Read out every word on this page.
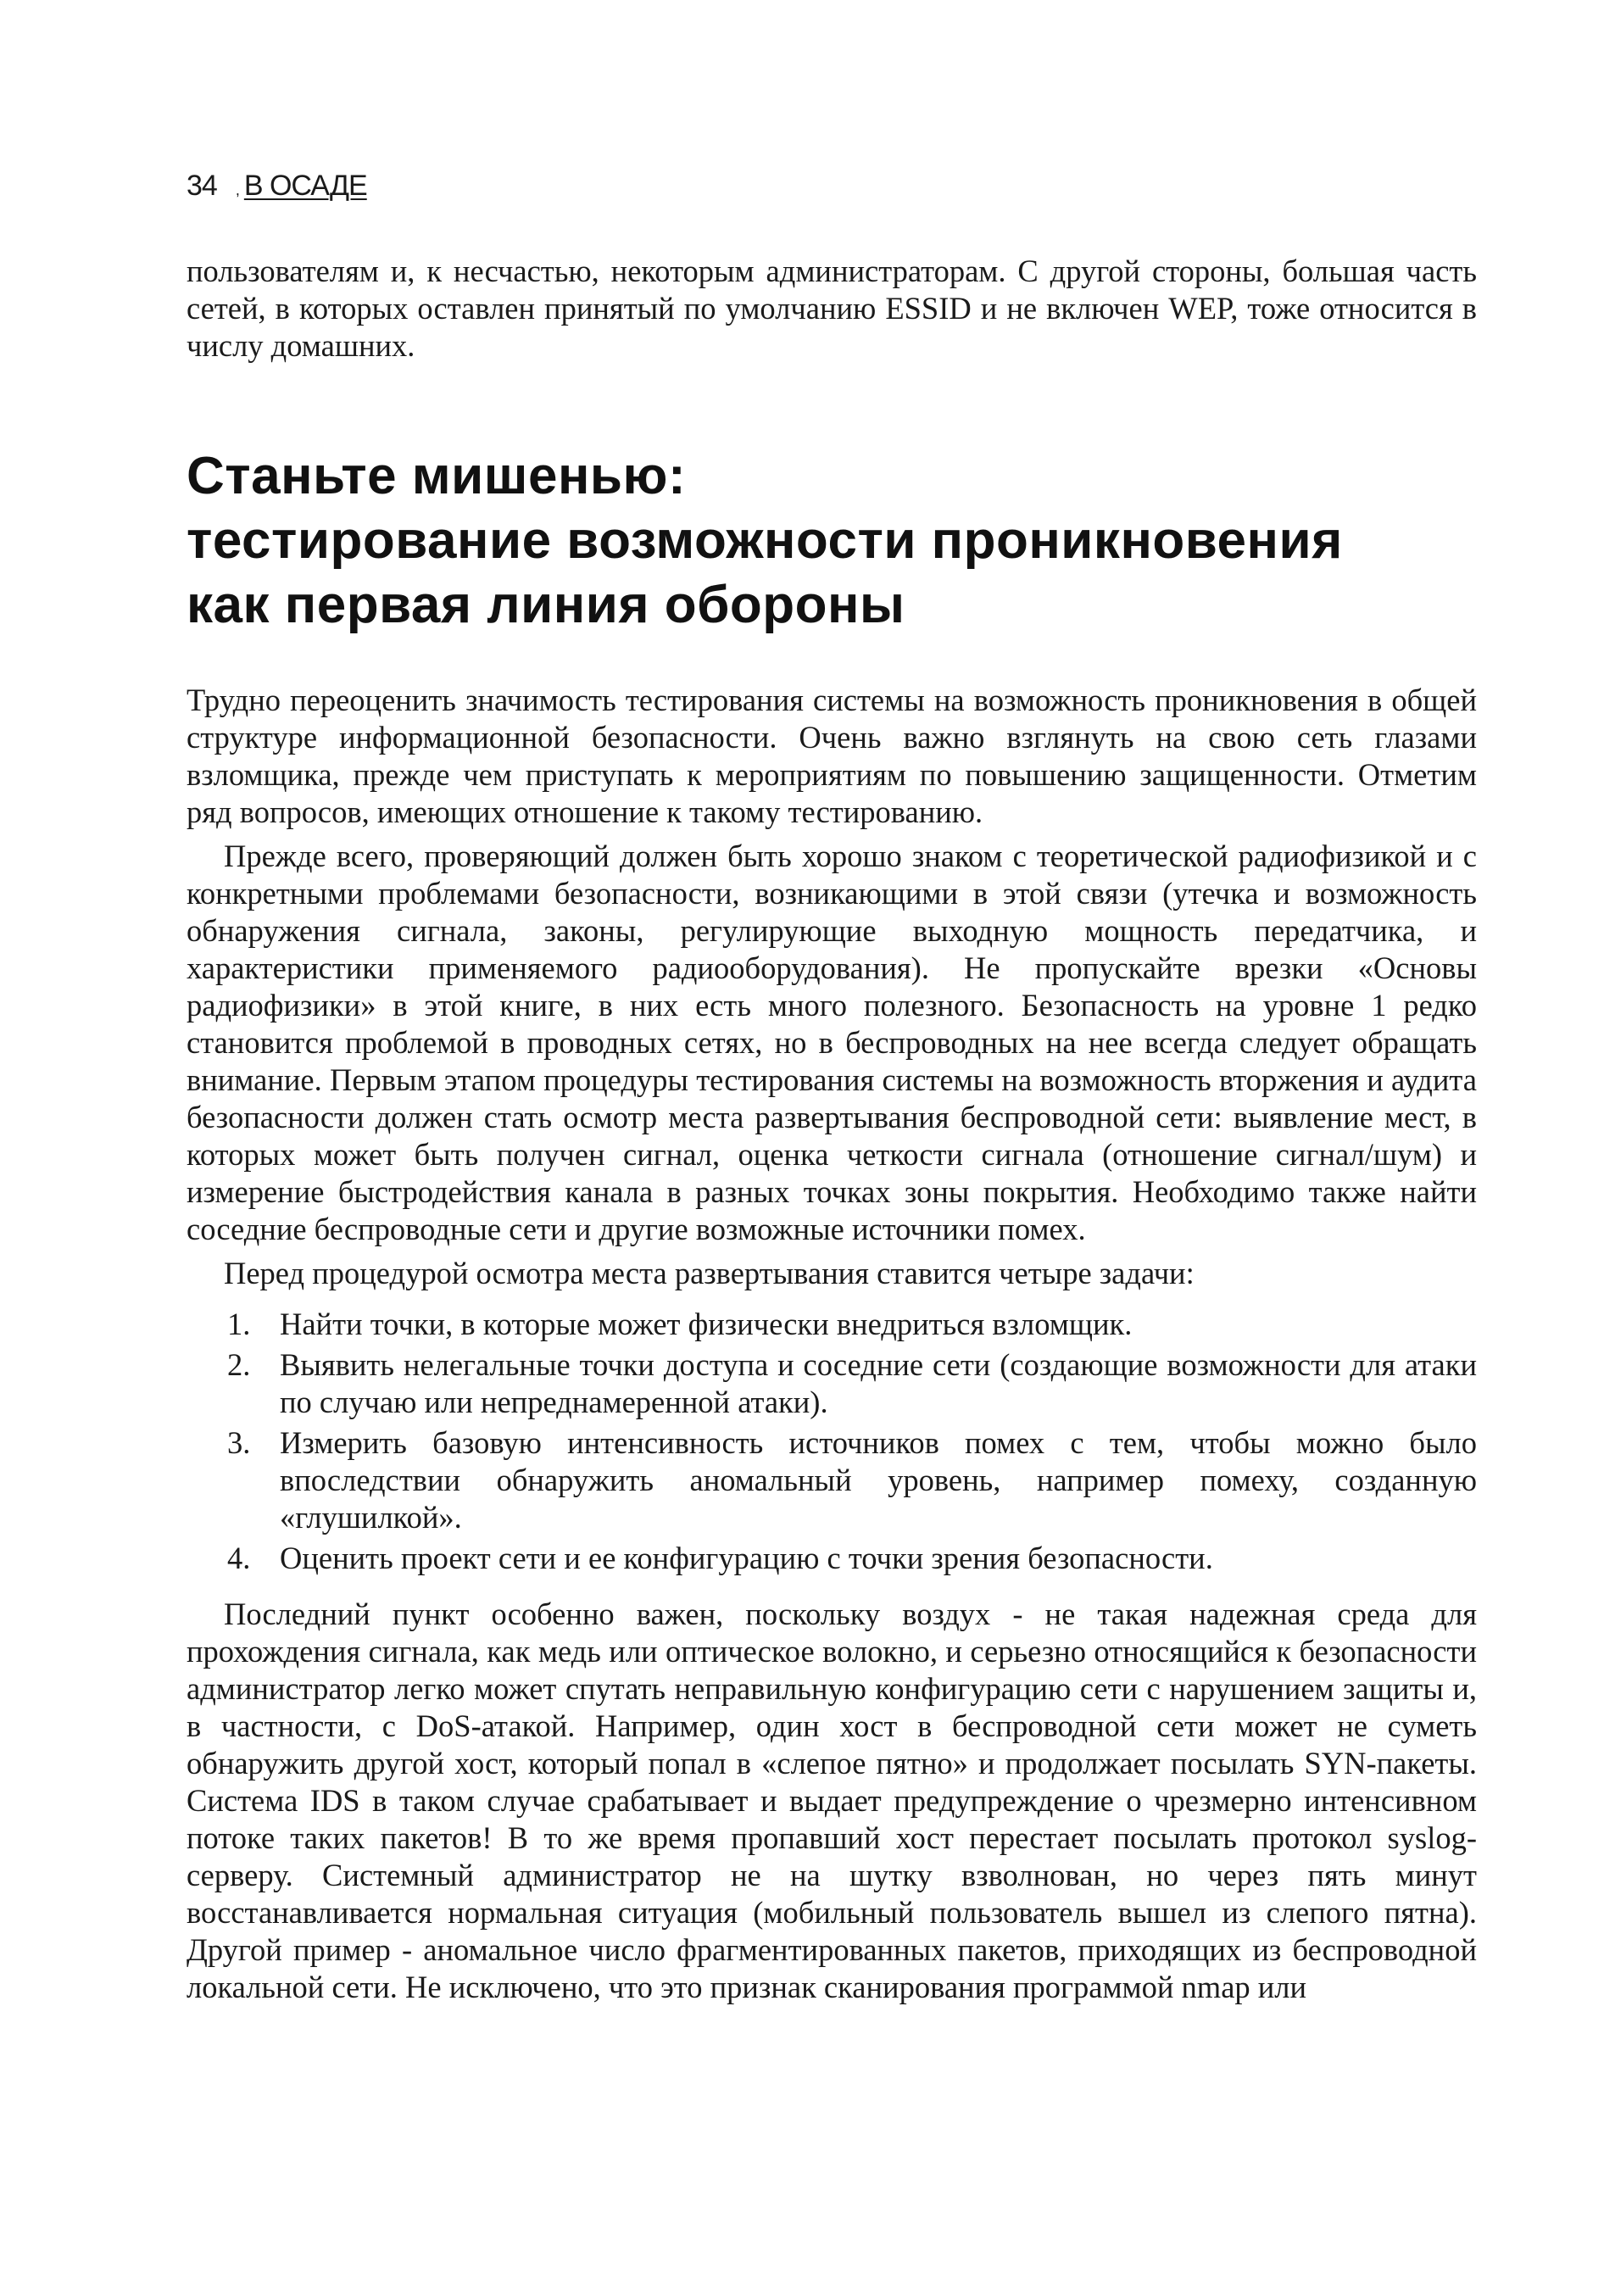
34 , В ОСАДЕ

пользователям и, к несчастью, некоторым администраторам. С другой стороны, большая часть сетей, в которых оставлен принятый по умолчанию ESSID и не включен WEP, тоже относится в числу домашних.

Станьте мишенью:
тестирование возможности проникновения
как первая линия обороны

Трудно переоценить значимость тестирования системы на возможность проникновения в общей структуре информационной безопасности. Очень важно взглянуть на свою сеть глазами взломщика, прежде чем приступать к мероприятиям по повышению защищенности. Отметим ряд вопросов, имеющих отношение к такому тестированию.

Прежде всего, проверяющий должен быть хорошо знаком с теоретической радиофизикой и с конкретными проблемами безопасности, возникающими в этой связи (утечка и возможность обнаружения сигнала, законы, регулирующие выходную мощность передатчика, и характеристики применяемого радиооборудования). Не пропускайте врезки «Основы радиофизики» в этой книге, в них есть много полезного. Безопасность на уровне 1 редко становится проблемой в проводных сетях, но в беспроводных на нее всегда следует обращать внимание. Первым этапом процедуры тестирования системы на возможность вторжения и аудита безопасности должен стать осмотр места развертывания беспроводной сети: выявление мест, в которых может быть получен сигнал, оценка четкости сигнала (отношение сигнал/шум) и измерение быстродействия канала в разных точках зоны покрытия. Необходимо также найти соседние беспроводные сети и другие возможные источники помех.

Перед процедурой осмотра места развертывания ставится четыре задачи:

1. Найти точки, в которые может физически внедриться взломщик.
2. Выявить нелегальные точки доступа и соседние сети (создающие возможности для атаки по случаю или непреднамеренной атаки).
3. Измерить базовую интенсивность источников помех с тем, чтобы можно было впоследствии обнаружить аномальный уровень, например помеху, созданную «глушилкой».
4. Оценить проект сети и ее конфигурацию с точки зрения безопасности.

Последний пункт особенно важен, поскольку воздух - не такая надежная среда для прохождения сигнала, как медь или оптическое волокно, и серьезно относящийся к безопасности администратор легко может спутать неправильную конфигурацию сети с нарушением защиты и, в частности, с DoS-атакой. Например, один хост в беспроводной сети может не суметь обнаружить другой хост, который попал в «слепое пятно» и продолжает посылать SYN-пакеты. Система IDS в таком случае срабатывает и выдает предупреждение о чрезмерно интенсивном потоке таких пакетов! В то же время пропавший хост перестает посылать протокол syslog-серверу. Системный администратор не на шутку взволнован, но через пять минут восстанавливается нормальная ситуация (мобильный пользователь вышел из слепого пятна). Другой пример - аномальное число фрагментированных пакетов, приходящих из беспроводной локальной сети. Не исключено, что это признак сканирования программой nmap или
